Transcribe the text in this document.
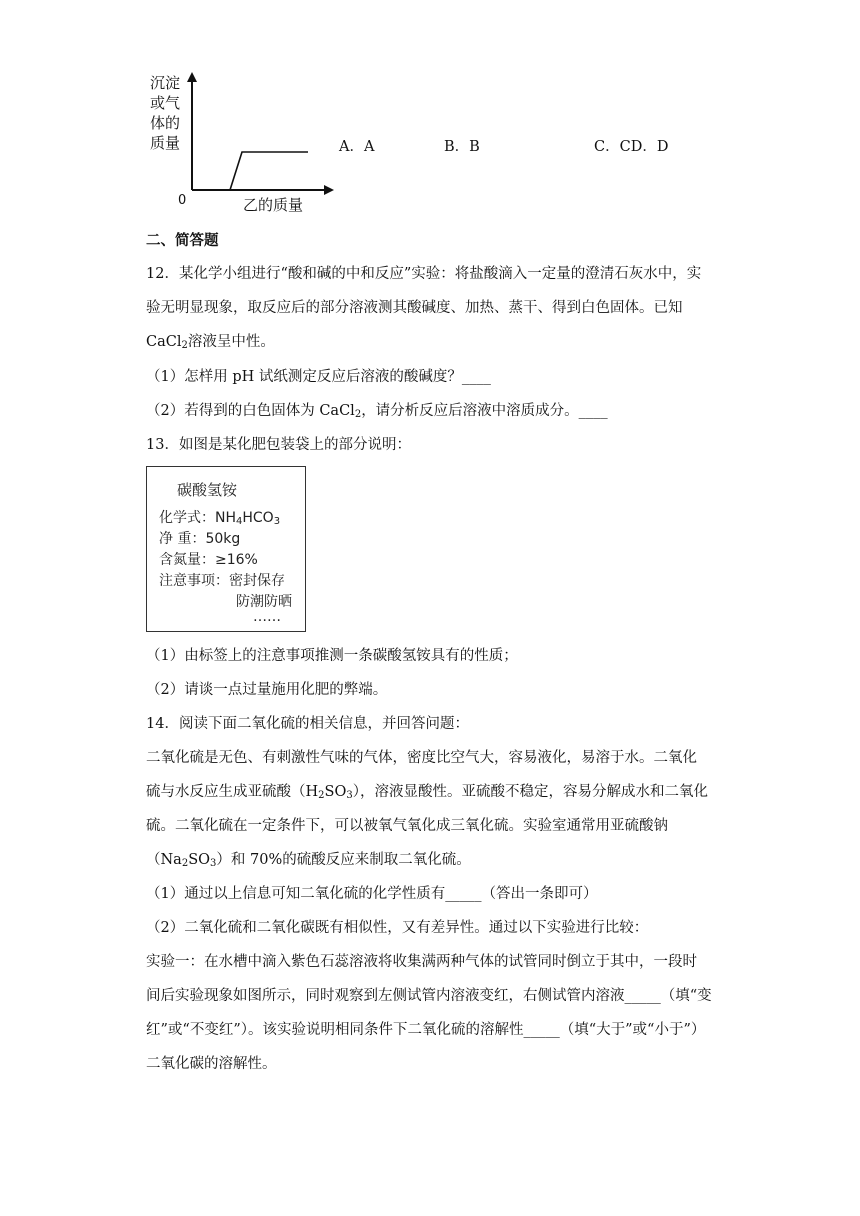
沉淀
或气
体的
质量
0	乙的质量
A．A	B．B	C．CD．D
二、简答题
12．某化学小组进行“酸和碱的中和反应”实验：将盐酸滴入一定量的澄清石灰水中，实
验无明显现象，取反应后的部分溶液测其酸碱度、加热、蒸干、得到白色固体。已知
CaCl$_2$溶液呈中性。
（1）怎样用 pH 试纸测定反应后溶液的酸碱度？____
（2）若得到的白色固体为 CaCl$_2$，请分析反应后溶液中溶质成分。____
13．如图是某化肥包装袋上的部分说明：
碳酸氢铵
化学式：$NH_4HCO_3$
净 重：50kg
含氮量：≥16%
注意事项：密封保存
防潮防晒
……
（1）由标签上的注意事项推测一条碳酸氢铵具有的性质；
（2）请谈一点过量施用化肥的弊端。
14．阅读下面二氧化硫的相关信息，并回答问题：
二氧化硫是无色、有刺激性气味的气体，密度比空气大，容易液化，易溶于水。二氧化
硫与水反应生成亚硫酸$(H_2SO_3)$，溶液显酸性。亚硫酸不稳定，容易分解成水和二氧化
硫。二氧化硫在一定条件下，可以被氧气氧化成三氧化硫。实验室通常用亚硫酸钠
$(Na_2SO_3)$和 70%的硫酸反应来制取二氧化硫。
（1）通过以上信息可知二氧化硫的化学性质有_____（答出一条即可）
（2）二氧化硫和二氧化碳既有相似性，又有差异性。通过以下实验进行比较：
实验一：在水槽中滴入紫色石蕊溶液将收集满两种气体的试管同时倒立于其中，一段时
间后实验现象如图所示，同时观察到左侧试管内溶液变红，右侧试管内溶液_____（填“变
红”或“不变红”）。该实验说明相同条件下二氧化硫的溶解性_____（填“大于”或“小于”）
二氧化碳的溶解性。
